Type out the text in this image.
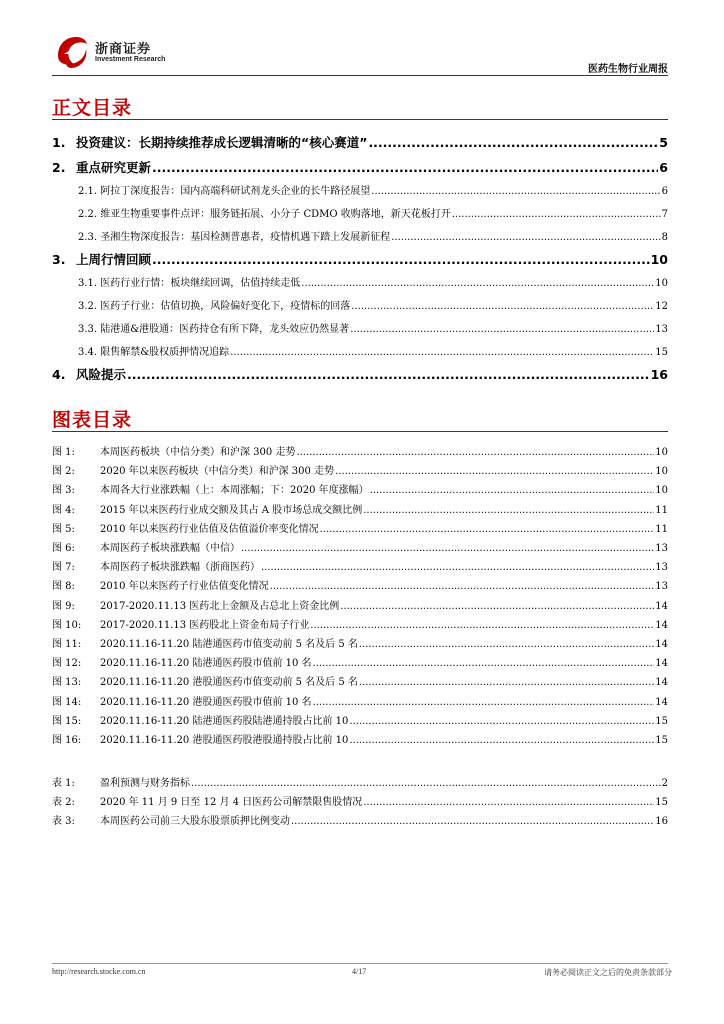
浙商证券
Investment Research
医药生物行业周报
正文目录
1. 投资建议：长期持续推荐成长逻辑清晰的“核心赛道” .....	5
2. 重点研究更新 .....	6
2.1. 阿拉丁深度报告：国内高端科研试剂龙头企业的长牛路径展望 .....	6
2.2. 维亚生物重要事件点评：服务链拓展、小分子 CDMO 收购落地，新天花板打开 .....	7
2.3. 圣湘生物深度报告：基因检测普惠者，疫情机遇下踏上发展新征程 .....	8
3. 上周行情回顾 .....	10
3.1. 医药行业行情：板块继续回调，估值持续走低 .....	10
3.2. 医药子行业：估值切换，风险偏好变化下，疫情标的回落 .....	12
3.3. 陆港通&港股通：医药持仓有所下降，龙头效应仍然显著 .....	13
3.4. 限售解禁&股权质押情况追踪 .....	15
4. 风险提示 .....	16
图表目录
图 1:	本周医药板块（中信分类）和沪深 300 走势 .....	10
图 2:	2020 年以来医药板块（中信分类）和沪深 300 走势 .....	10
图 3:	本周各大行业涨跌幅（上：本周涨幅；下：2020 年度涨幅） .....	10
图 4:	2015 年以来医药行业成交额及其占 A 股市场总成交额比例 .....	11
图 5:	2010 年以来医药行业估值及估值溢价率变化情况 .....	11
图 6:	本周医药子板块涨跌幅（中信） .....	13
图 7:	本周医药子板块涨跌幅（浙商医药） .....	13
图 8:	2010 年以来医药子行业估值变化情况 .....	13
图 9:	2017-2020.11.13 医药北上金额及占总北上资金比例 .....	14
图 10: 2017-2020.11.13 医药股北上资金布局子行业 .....	14
图 11: 2020.11.16-11.20 陆港通医药市值变动前 5 名及后 5 名 .....	14
图 12: 2020.11.16-11.20 陆港通医药股市值前 10 名 .....	14
图 13: 2020.11.16-11.20 港股通医药市值变动前 5 名及后 5 名 .....	14
图 14: 2020.11.16-11.20 港股通医药股市值前 10 名 .....	14
图 15: 2020.11.16-11.20 陆港通医药股陆港通持股占比前 10 .....	15
图 16: 2020.11.16-11.20 港股通医药股港股通持股占比前 10 .....	15
表 1:	盈利预测与财务指标 .....	2
表 2:	2020 年 11 月 9 日至 12 月 4 日医药公司解禁限售股情况 .....	15
表 3:	本周医药公司前三大股东股票质押比例变动 .....	16
http://research.stocke.com.cn	4/17	请务必阅读正文之后的免责条款部分
